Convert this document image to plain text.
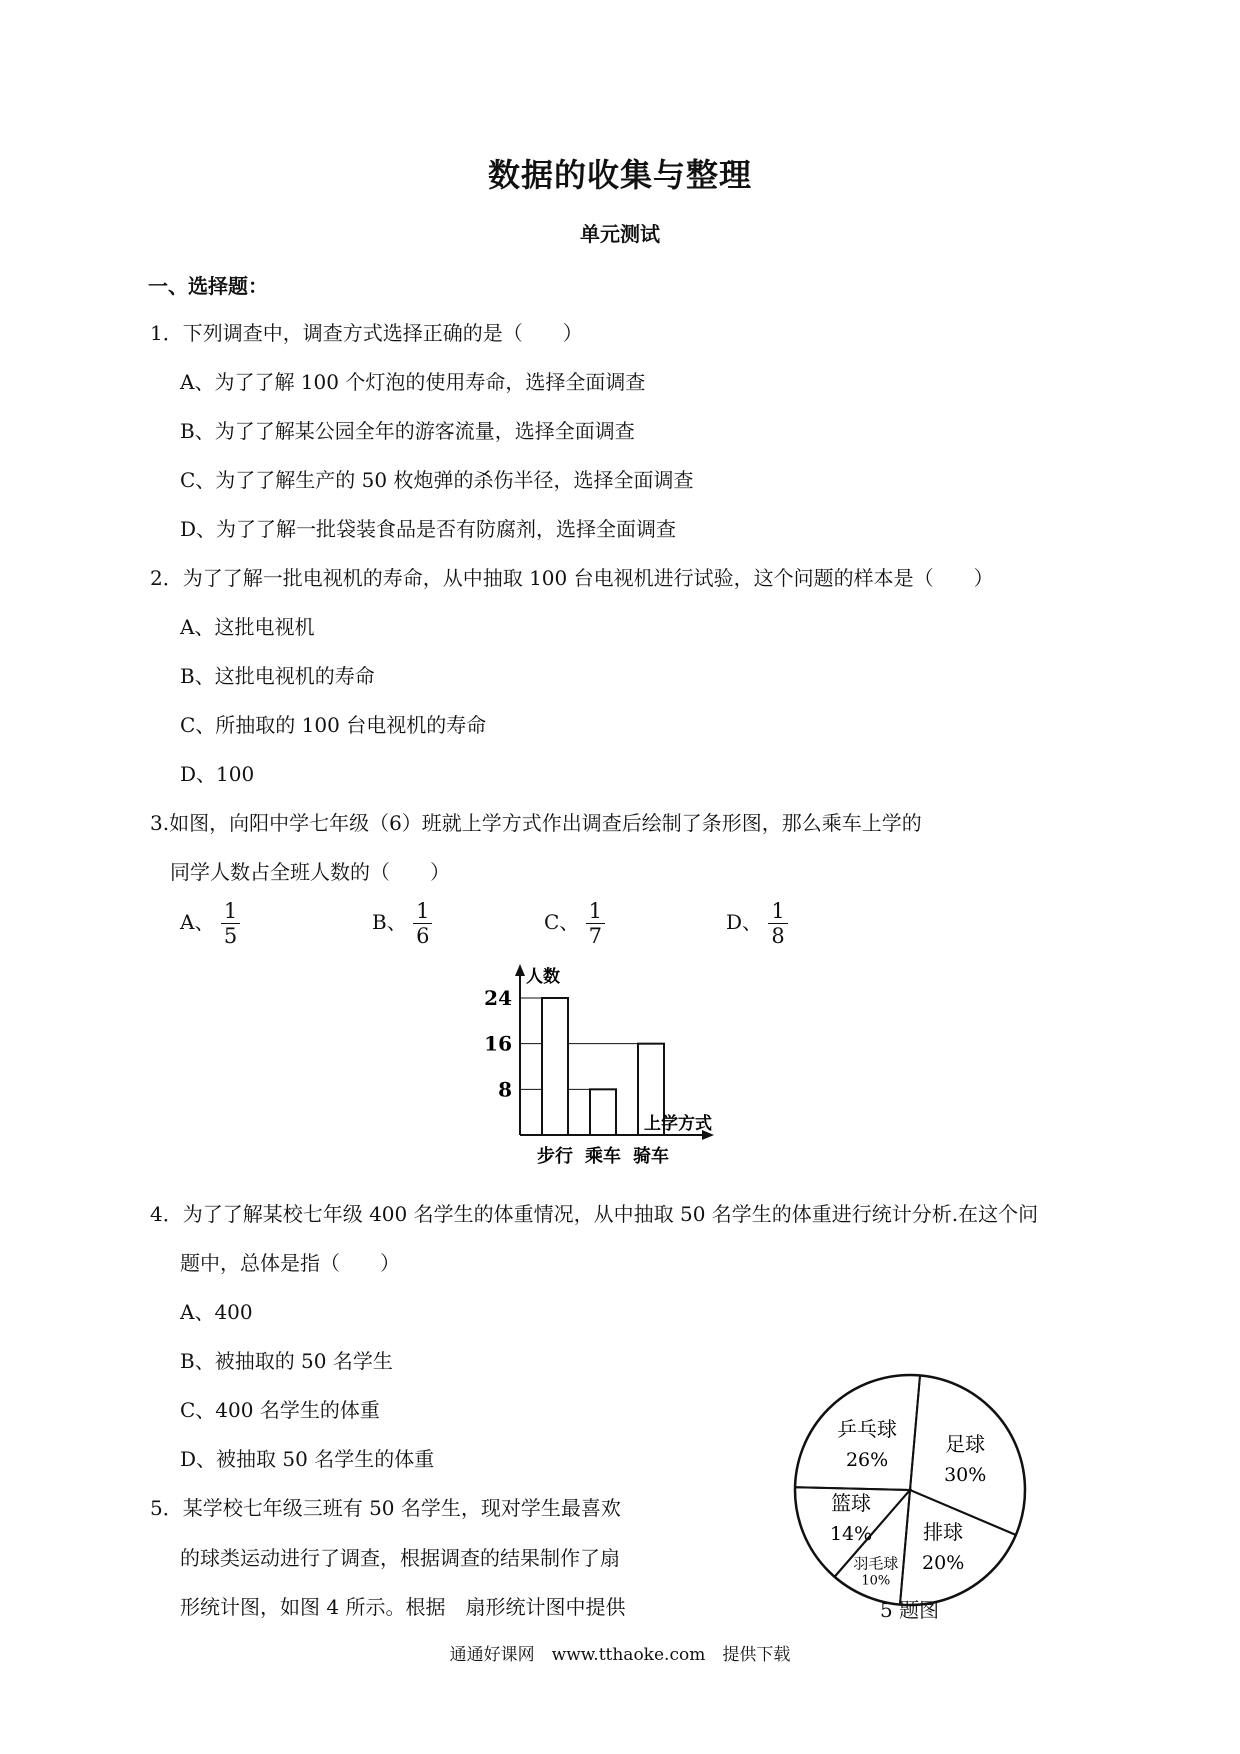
数据的收集与整理
单元测试
一、选择题：
1．下列调查中，调查方式选择正确的是（　　）
A、为了了解 100 个灯泡的使用寿命，选择全面调查
B、为了了解某公园全年的游客流量，选择全面调查
C、为了了解生产的 50 枚炮弹的杀伤半径，选择全面调查
D、为了了解一批袋装食品是否有防腐剂，选择全面调查
2．为了了解一批电视机的寿命，从中抽取 100 台电视机进行试验，这个问题的样本是（　　）
A、这批电视机
B、这批电视机的寿命
C、所抽取的 100 台电视机的寿命
D、100
3.如图，向阳中学七年级（6）班就上学方式作出调查后绘制了条形图，那么乘车上学的
同学人数占全班人数的（　　）
A、 $\frac{1}{5}$	B、 $\frac{1}{6}$	C、 $\frac{1}{7}$	D、 $\frac{1}{8}$
8
16
24
人数
上学方式
步行 乘车 骑车
4．为了了解某校七年级 400 名学生的体重情况，从中抽取 50 名学生的体重进行统计分析.在这个问
题中，总体是指（　　）
A、400
B、被抽取的 50 名学生
C、400 名学生的体重
D、被抽取 50 名学生的体重
5．某学校七年级三班有 50 名学生，现对学生最喜欢
的球类运动进行了调查，根据调查的结果制作了扇
形统计图，如图 4 所示。根据　扇形统计图中提供
足球
30%
排球
20%
羽毛球
10%
篮球
14%
乒乓球
26%
5 题图
通通好课网　www.tthaoke.com　提供下载
